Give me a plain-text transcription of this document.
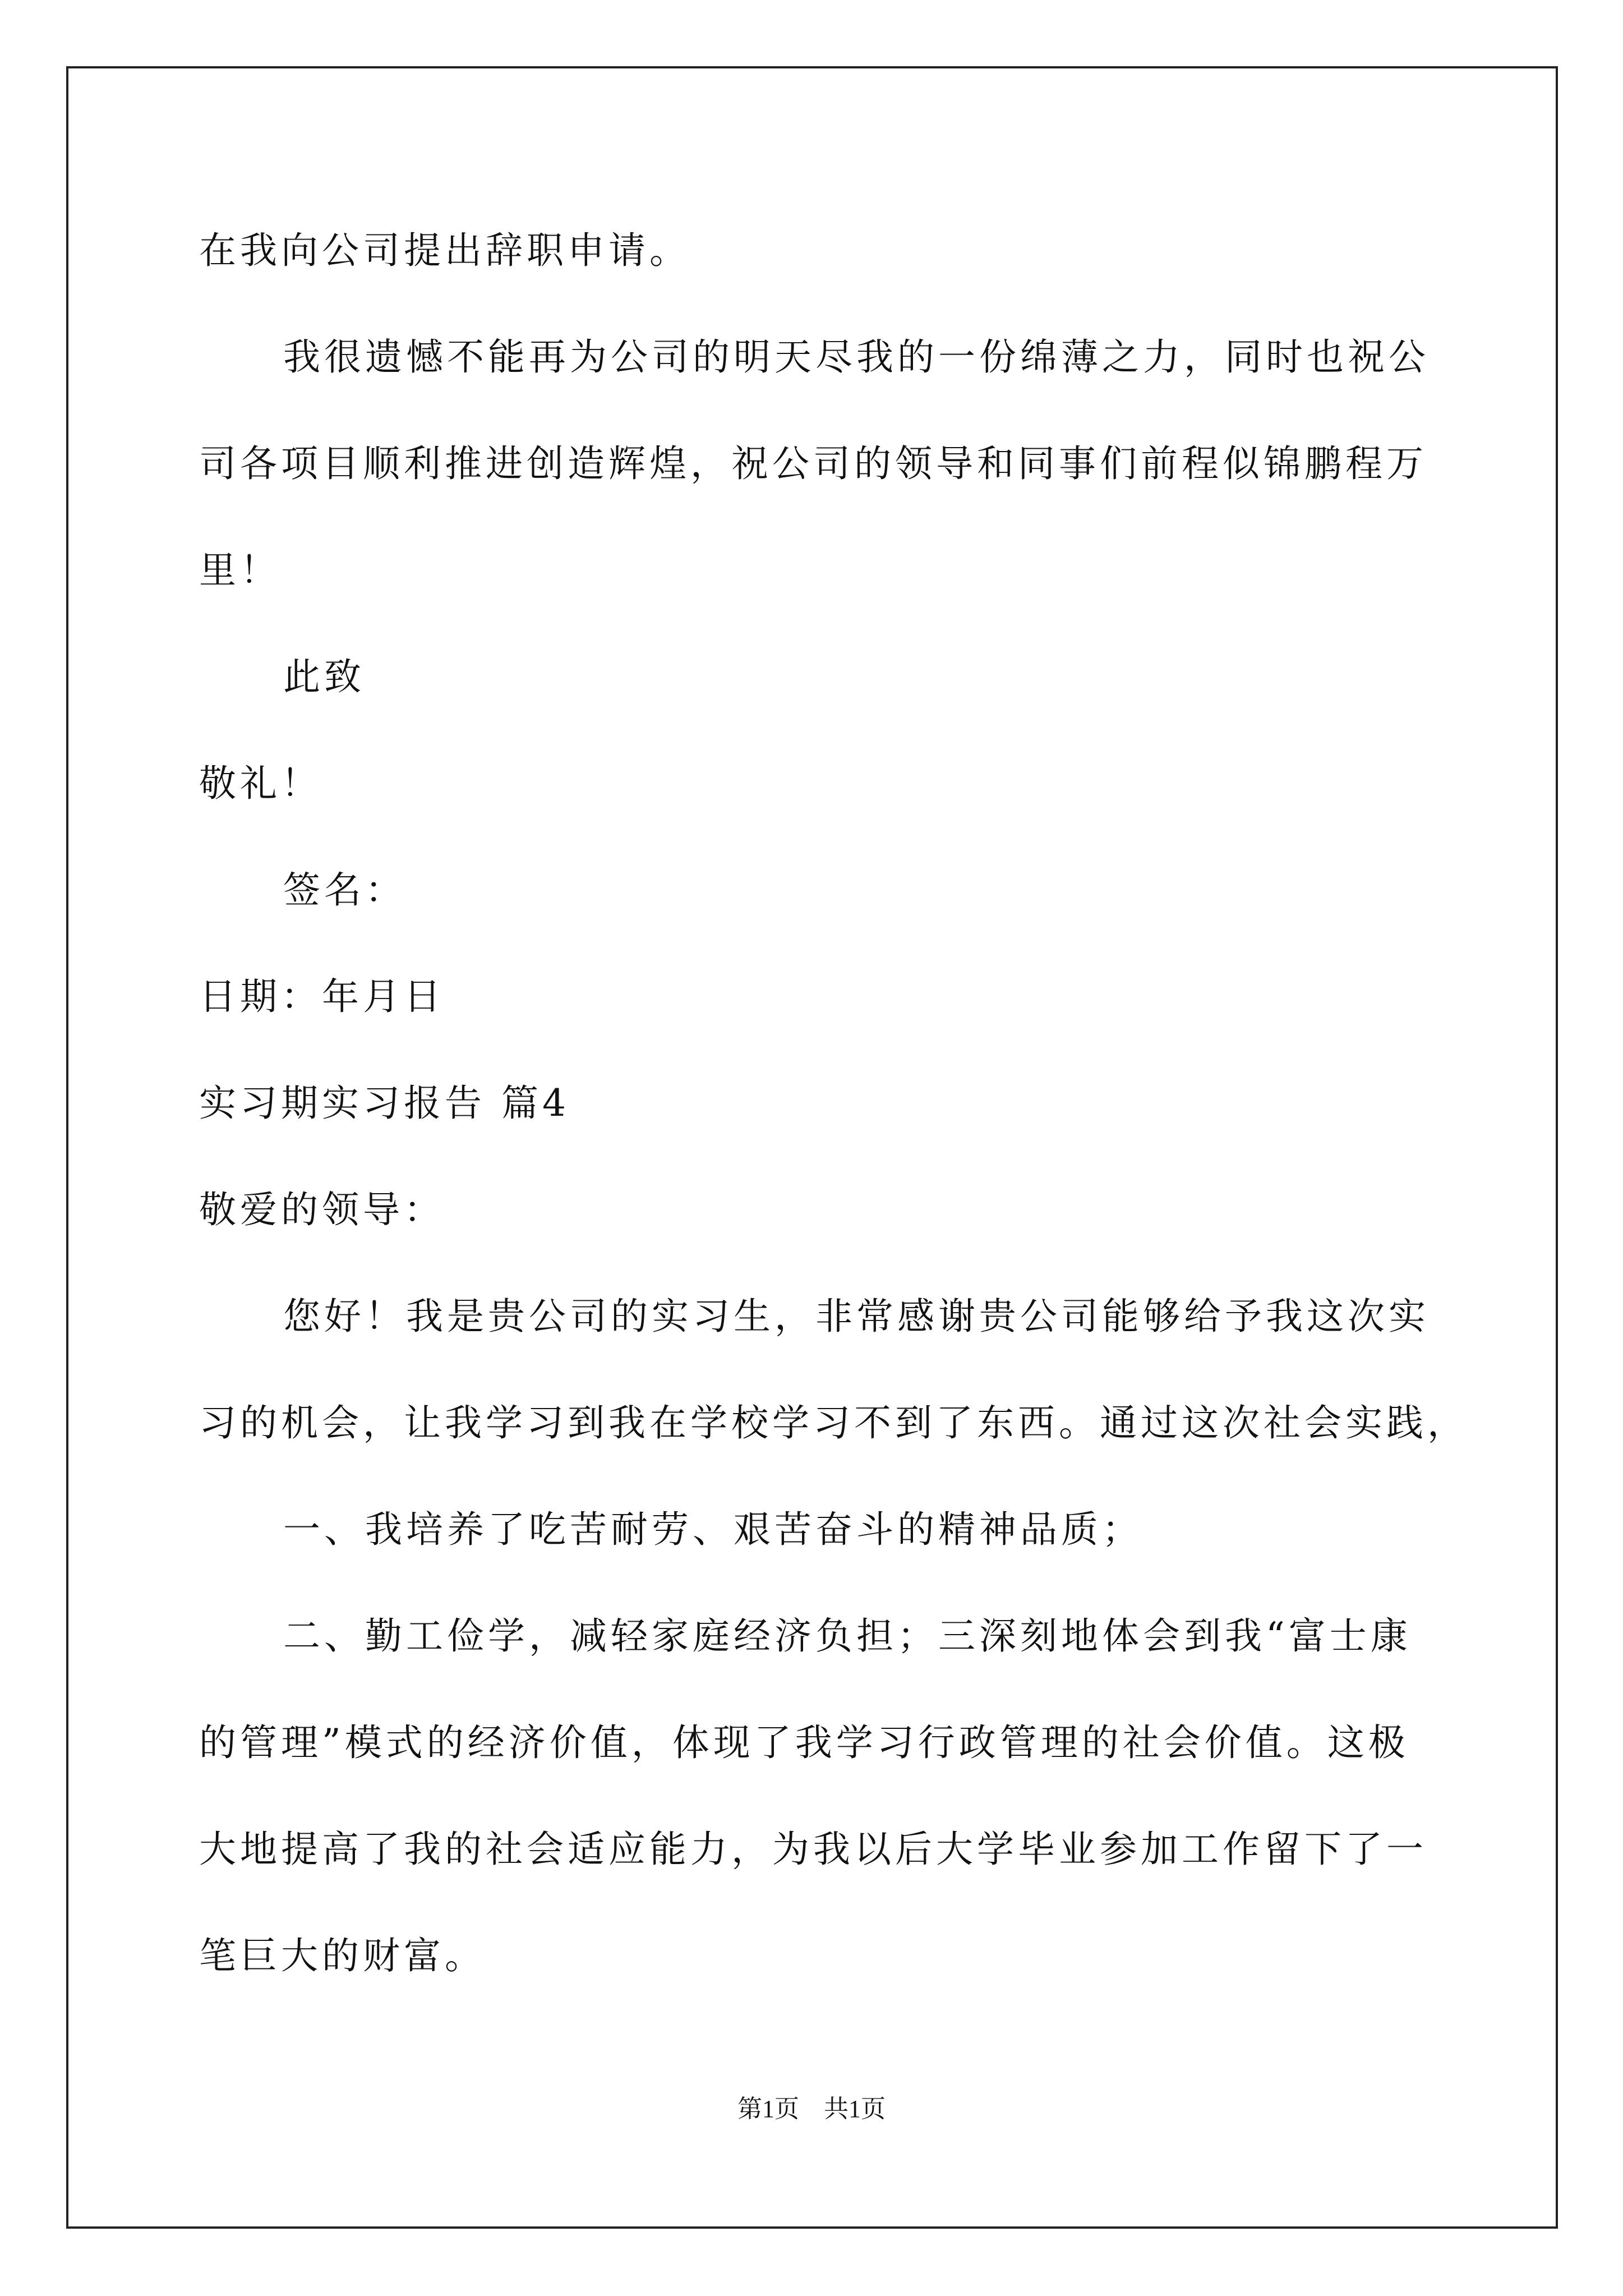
在我向公司提出辞职申请。
我很遗憾不能再为公司的明天尽我的一份绵薄之力，同时也祝公
司各项目顺利推进创造辉煌，祝公司的领导和同事们前程似锦鹏程万
里！
此致
敬礼！
签名：
日期：年月日
实习期实习报告 篇4
敬爱的领导：
您好！我是贵公司的实习生，非常感谢贵公司能够给予我这次实
习的机会，让我学习到我在学校学习不到了东西。通过这次社会实践，
一、我培养了吃苦耐劳、艰苦奋斗的精神品质；
二、勤工俭学，减轻家庭经济负担；三深刻地体会到我“富士康
的管理”模式的经济价值，体现了我学习行政管理的社会价值。这极
大地提高了我的社会适应能力，为我以后大学毕业参加工作留下了一
笔巨大的财富。
第1页　共1页
